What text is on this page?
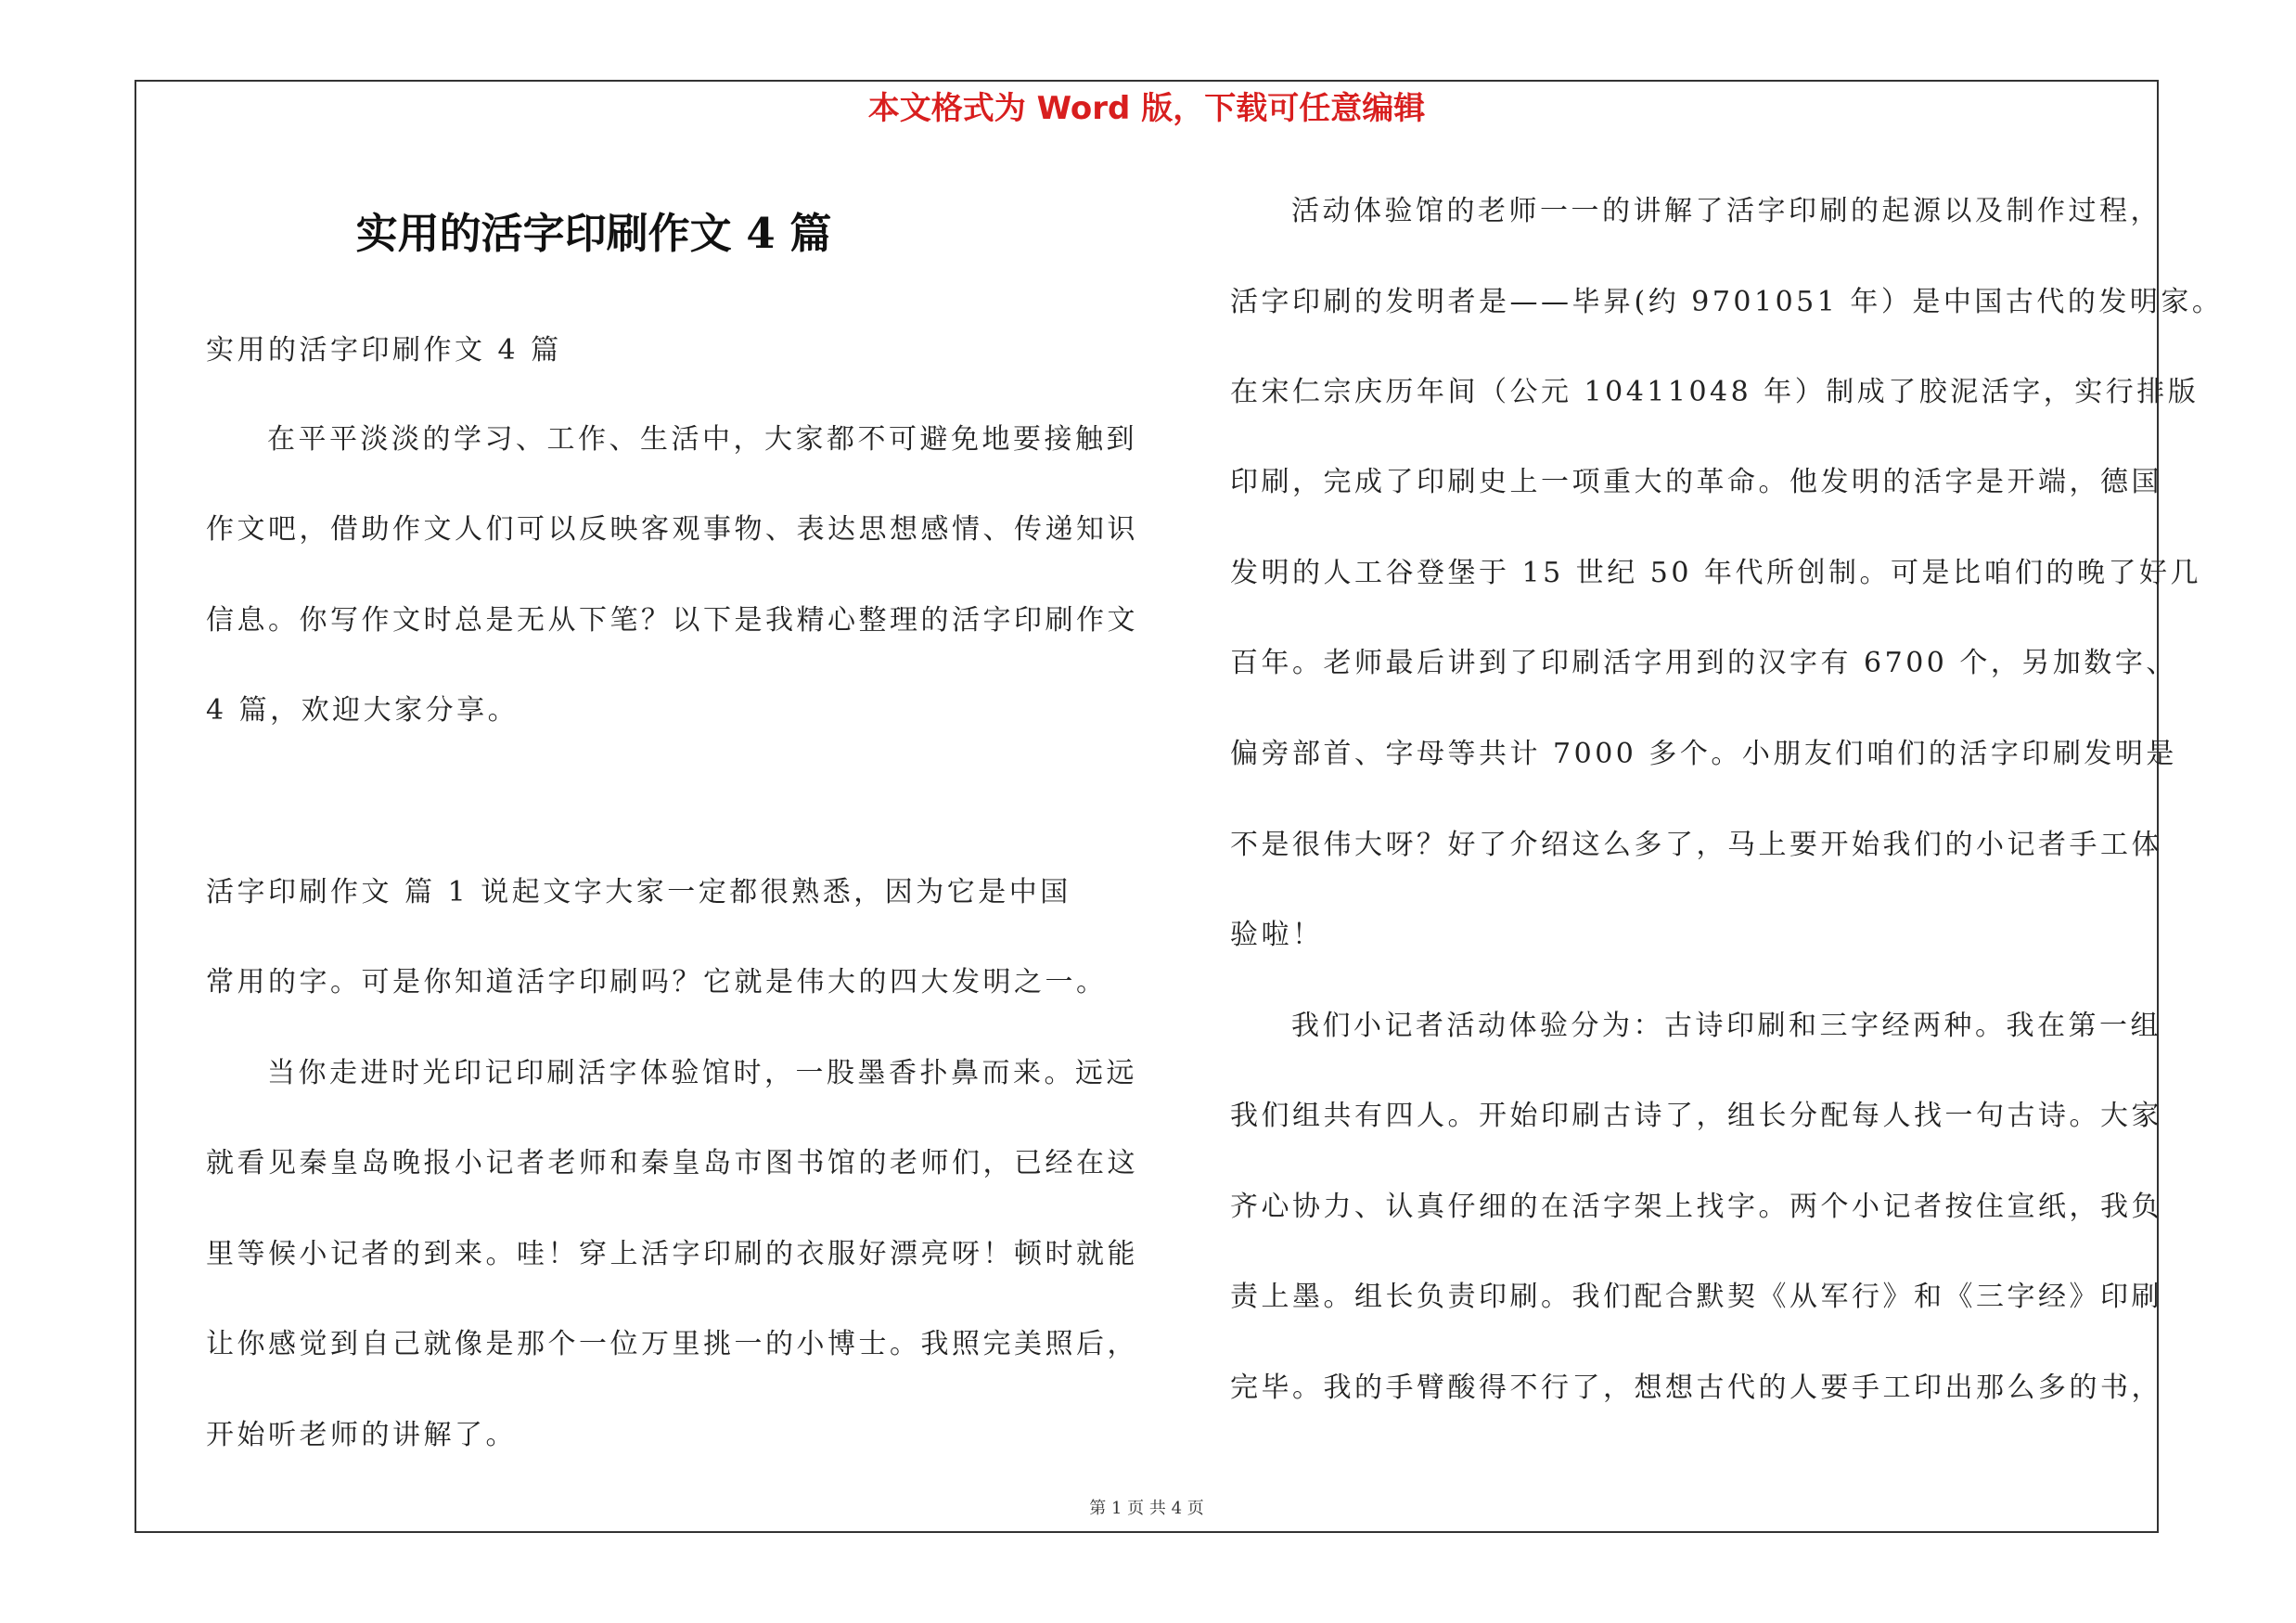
本文格式为 Word 版，下载可任意编辑
实用的活字印刷作文 4 篇
实用的活字印刷作文 4 篇
在平平淡淡的学习、工作、生活中，大家都不可避免地要接触到
作文吧，借助作文人们可以反映客观事物、表达思想感情、传递知识
信息。你写作文时总是无从下笔？以下是我精心整理的活字印刷作文
4 篇，欢迎大家分享。
活字印刷作文 篇 1 说起文字大家一定都很熟悉，因为它是中国
常用的字。可是你知道活字印刷吗？它就是伟大的四大发明之一。
当你走进时光印记印刷活字体验馆时，一股墨香扑鼻而来。远远
就看见秦皇岛晚报小记者老师和秦皇岛市图书馆的老师们，已经在这
里等候小记者的到来。哇！穿上活字印刷的衣服好漂亮呀！顿时就能
让你感觉到自己就像是那个一位万里挑一的小博士。我照完美照后，
开始听老师的讲解了。
活动体验馆的老师一一的讲解了活字印刷的起源以及制作过程，
活字印刷的发明者是——毕昇(约 9701051 年）是中国古代的发明家。
在宋仁宗庆历年间（公元 10411048 年）制成了胶泥活字，实行排版
印刷，完成了印刷史上一项重大的革命。他发明的活字是开端，德国
发明的人工谷登堡于 15 世纪 50 年代所创制。可是比咱们的晚了好几
百年。老师最后讲到了印刷活字用到的汉字有 6700 个，另加数字、
偏旁部首、字母等共计 7000 多个。小朋友们咱们的活字印刷发明是
不是很伟大呀？好了介绍这么多了，马上要开始我们的小记者手工体
验啦！
我们小记者活动体验分为：古诗印刷和三字经两种。我在第一组
我们组共有四人。开始印刷古诗了，组长分配每人找一句古诗。大家
齐心协力、认真仔细的在活字架上找字。两个小记者按住宣纸，我负
责上墨。组长负责印刷。我们配合默契《从军行》和《三字经》印刷
完毕。我的手臂酸得不行了，想想古代的人要手工印出那么多的书，
第 1 页 共 4 页
